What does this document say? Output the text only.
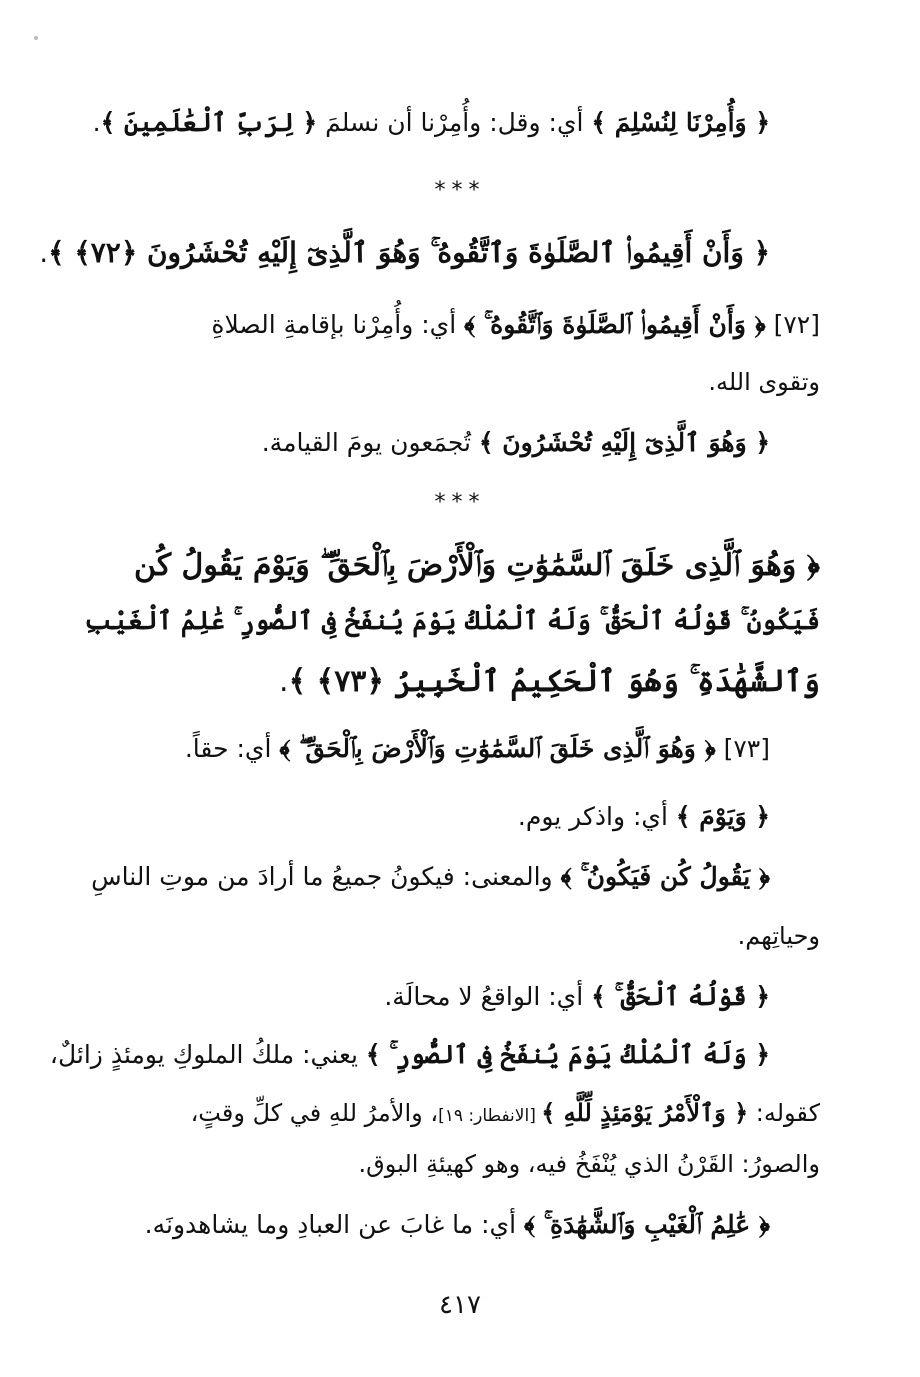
﴿ وَأُمِرْنَا لِنُسْلِمَ ﴾ أي: وقل: وأُمِرْنا أن نسلمَ ﴿ لِرَبِّ ٱلْعَٰلَمِينَ ﴾.
***
﴿ وَأَنْ أَقِيمُوا۟ ٱلصَّلَوٰةَ وَٱتَّقُوهُ ۚ وَهُوَ ٱلَّذِىٓ إِلَيْهِ تُحْشَرُونَ ﴿٧٢﴾ ﴾.
[٧٢] ﴿ وَأَنْ أَقِيمُوا۟ ٱلصَّلَوٰةَ وَٱتَّقُوهُ ۚ ﴾ أي: وأُمِرْنا بإقامةِ الصلاةِ
وتقوى الله.
﴿ وَهُوَ ٱلَّذِىٓ إِلَيْهِ تُحْشَرُونَ ﴾ تُجمَعون يومَ القيامة.
***
﴿ وَهُوَ ٱلَّذِى خَلَقَ ٱلسَّمَٰوَٰتِ وَٱلْأَرْضَ بِٱلْحَقِّ ۖ وَيَوْمَ يَقُولُ كُن
فَيَكُونُ ۚ قَوْلُهُ ٱلْحَقُّ ۚ وَلَهُ ٱلْمُلْكُ يَوْمَ يُنفَخُ فِى ٱلصُّورِ ۚ عَٰلِمُ ٱلْغَيْبِ
وَٱلشَّهَٰدَةِ ۚ وَهُوَ ٱلْحَكِيمُ ٱلْخَبِيرُ ﴿٧٣﴾ ﴾.
[٧٣] ﴿ وَهُوَ ٱلَّذِى خَلَقَ ٱلسَّمَٰوَٰتِ وَٱلْأَرْضَ بِٱلْحَقِّ ۖ ﴾ أي: حقاً.
﴿ وَيَوْمَ ﴾ أي: واذكر يوم.
﴿ يَقُولُ كُن فَيَكُونُ ۚ ﴾ والمعنى: فيكونُ جميعُ ما أرادَ من موتِ الناسِ
وحياتِهم.
﴿ قَوْلُهُ ٱلْحَقُّ ۚ ﴾ أي: الواقعُ لا محالَة.
﴿ وَلَهُ ٱلْمُلْكُ يَوْمَ يُنفَخُ فِى ٱلصُّورِ ۚ ﴾ يعني: ملكُ الملوكِ يومئذٍ زائلٌ،
كقوله: ﴿ وَٱلْأَمْرُ يَوْمَئِذٍ لِّلَّهِ ﴾ [الانفطار: ١٩]، والأمرُ للهِ في كلِّ وقتٍ،
والصورُ: القَرْنُ الذي يُنْفَخُ فيه، وهو كهيئةِ البوق.
﴿ عَٰلِمُ ٱلْغَيْبِ وَٱلشَّهَٰدَةِ ۚ ﴾ أي: ما غابَ عن العبادِ وما يشاهدونَه.
٤١٧
